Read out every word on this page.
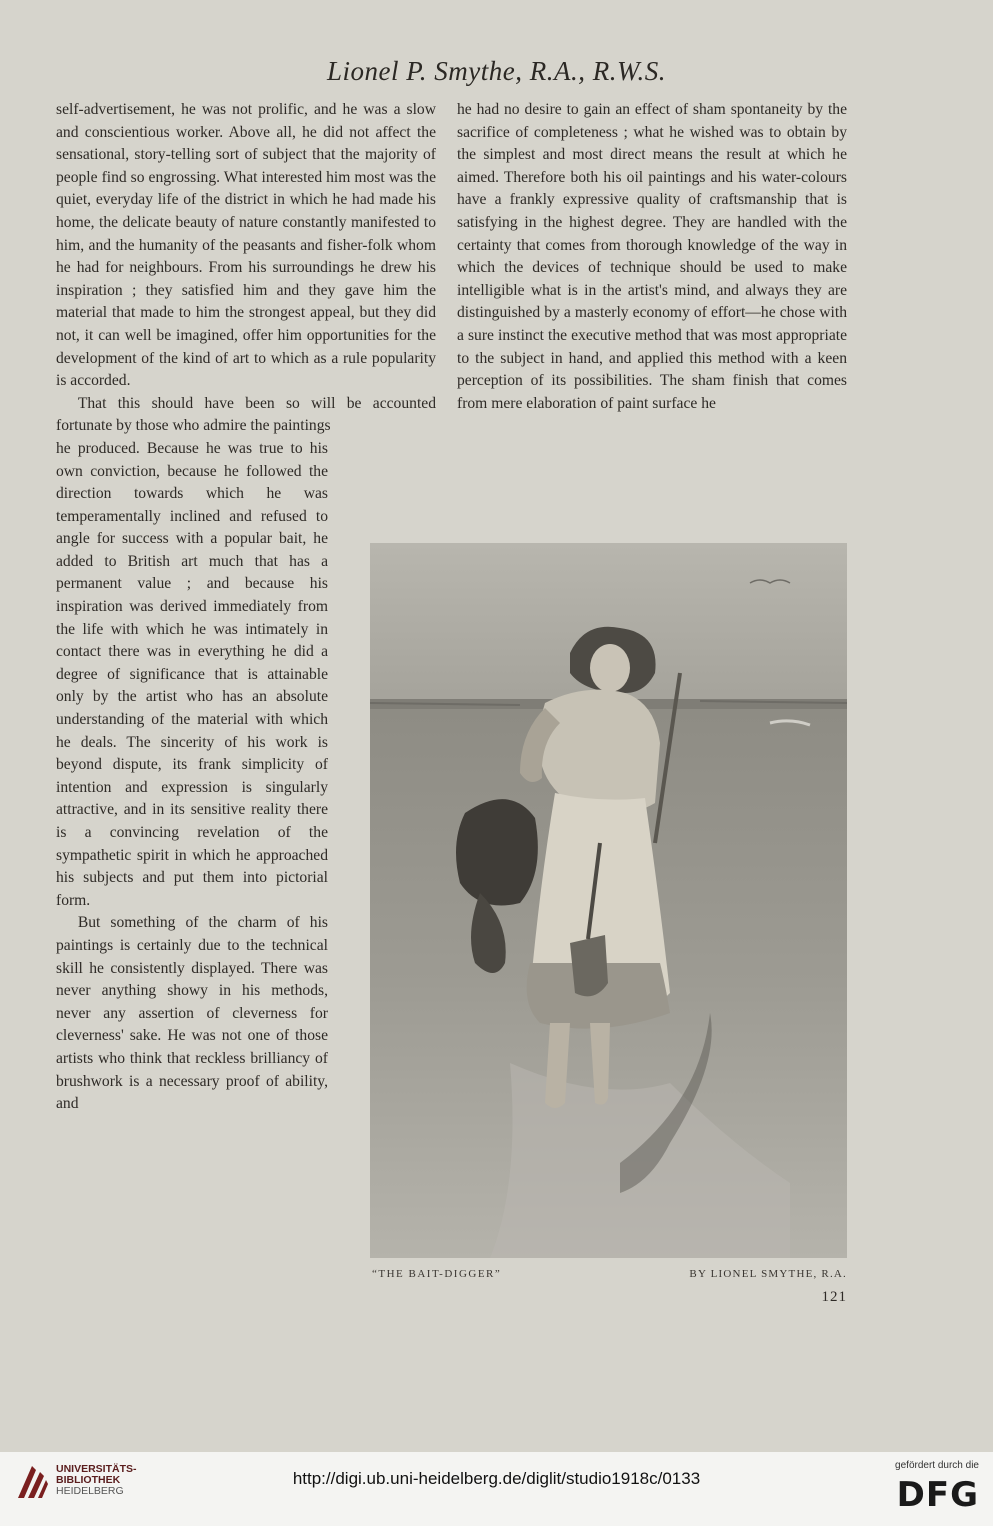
Lionel P. Smythe, R.A., R.W.S.

self-advertisement, he was not prolific, and he was a slow and conscientious worker. Above all, he did not affect the sensational, story-telling sort of subject that the majority of people find so engrossing. What interested him most was the quiet, everyday life of the district in which he had made his home, the delicate beauty of nature constantly manifested to him, and the humanity of the peasants and fisher-folk whom he had for neighbours. From his surroundings he drew his inspiration ; they satisfied him and they gave him the material that made to him the strongest appeal, but they did not, it can well be imagined, offer him opportunities for the development of the kind of art to which as a rule popularity is accorded.

That this should have been so will be accounted fortunate by those who admire the paintings

he produced. Because he was true to his own conviction, because he followed the direction towards which he was temperamentally inclined and refused to angle for success with a popular bait, he added to British art much that has a permanent value ; and because his inspiration was derived immediately from the life with which he was intimately in contact there was in everything he did a degree of significance that is attainable only by the artist who has an absolute understanding of the material with which he deals. The sincerity of his work is beyond dispute, its frank simplicity of intention and expression is singularly attractive, and in its sensitive reality there is a convincing revelation of the sympathetic spirit in which he approached his subjects and put them into pictorial form.

But something of the charm of his paintings is certainly due to the technical skill he consistently displayed. There was never anything showy in his methods, never any assertion of cleverness for cleverness' sake. He was not one of those artists who think that reckless brilliancy of brushwork is a necessary proof of ability, and

he had no desire to gain an effect of sham spontaneity by the sacrifice of completeness ; what he wished was to obtain by the simplest and most direct means the result at which he aimed. Therefore both his oil paintings and his water-colours have a frankly expressive quality of craftsmanship that is satisfying in the highest degree. They are handled with the certainty that comes from thorough knowledge of the way in which the devices of technique should be used to make intelligible what is in the artist's mind, and always they are distinguished by a masterly economy of effort—he chose with a sure instinct the executive method that was most appropriate to the subject in hand, and applied this method with a keen perception of its possibilities. The sham finish that comes from mere elaboration of paint surface he

“THE BAIT-DIGGER”	BY LIONEL SMYTHE, R.A.
121
UNIVERSITÄTS-
BIBLIOTHEK
HEIDELBERG
http://digi.ub.uni-heidelberg.de/diglit/studio1918c/0133
gefördert durch die
DFG
